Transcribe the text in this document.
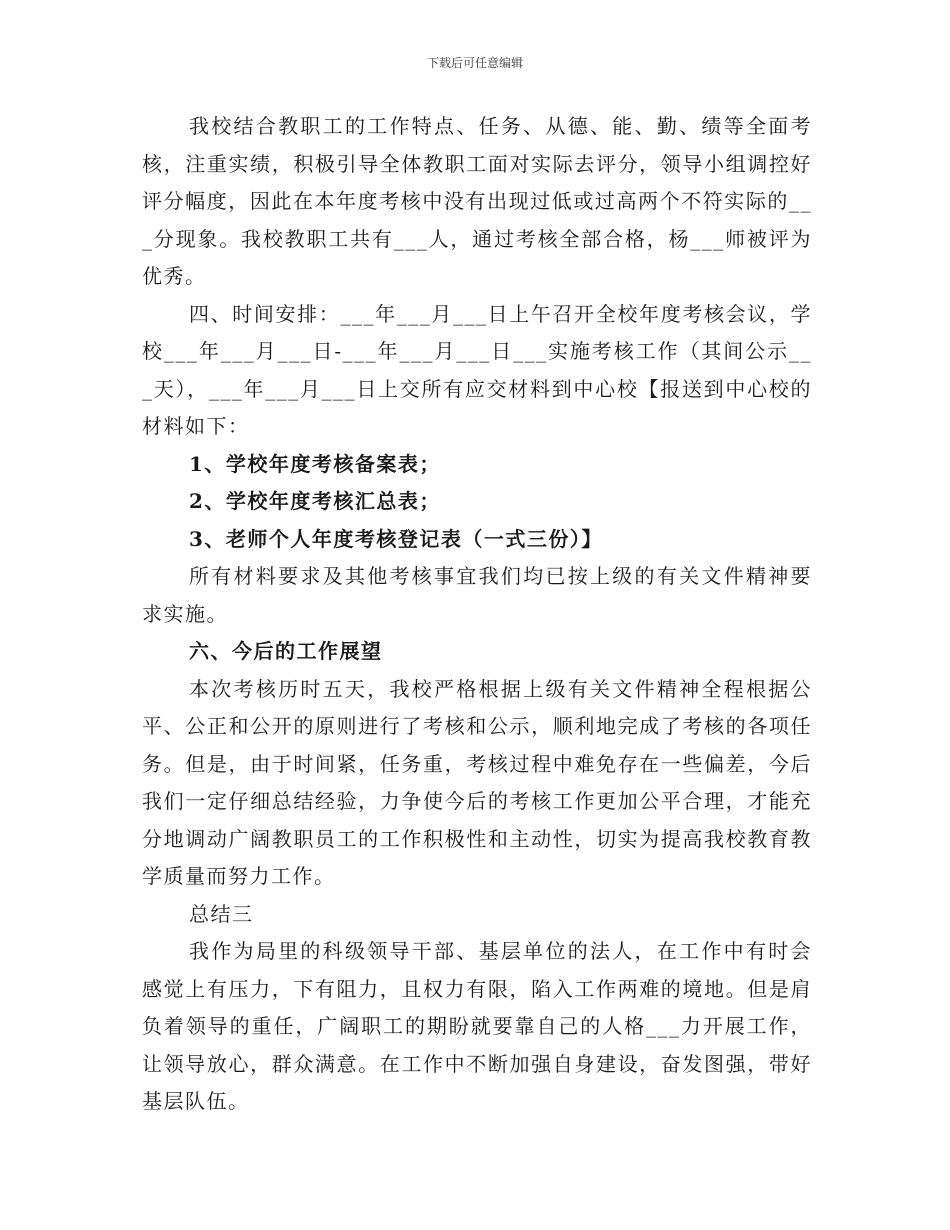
下载后可任意编辑

我校结合教职工的工作特点、任务、从德、能、勤、绩等全面考核，注重实绩，积极引导全体教职工面对实际去评分，领导小组调控好评分幅度，因此在本年度考核中没有出现过低或过高两个不符实际的___分现象。我校教职工共有___人，通过考核全部合格，杨___师被评为优秀。

四、时间安排：___年___月___日上午召开全校年度考核会议，学校___年___月___日-___年___月___日___实施考核工作（其间公示___天），___年___月___日上交所有应交材料到中心校【报送到中心校的材料如下：

1、学校年度考核备案表；

2、学校年度考核汇总表；

3、老师个人年度考核登记表（一式三份）】

所有材料要求及其他考核事宜我们均已按上级的有关文件精神要求实施。

六、今后的工作展望

本次考核历时五天，我校严格根据上级有关文件精神全程根据公平、公正和公开的原则进行了考核和公示，顺利地完成了考核的各项任务。但是，由于时间紧，任务重，考核过程中难免存在一些偏差，今后我们一定仔细总结经验，力争使今后的考核工作更加公平合理，才能充分地调动广阔教职员工的工作积极性和主动性，切实为提高我校教育教学质量而努力工作。

总结三

我作为局里的科级领导干部、基层单位的法人，在工作中有时会感觉上有压力，下有阻力，且权力有限，陷入工作两难的境地。但是肩负着领导的重任，广阔职工的期盼就要靠自己的人格___力开展工作，让领导放心，群众满意。在工作中不断加强自身建设，奋发图强，带好基层队伍。
